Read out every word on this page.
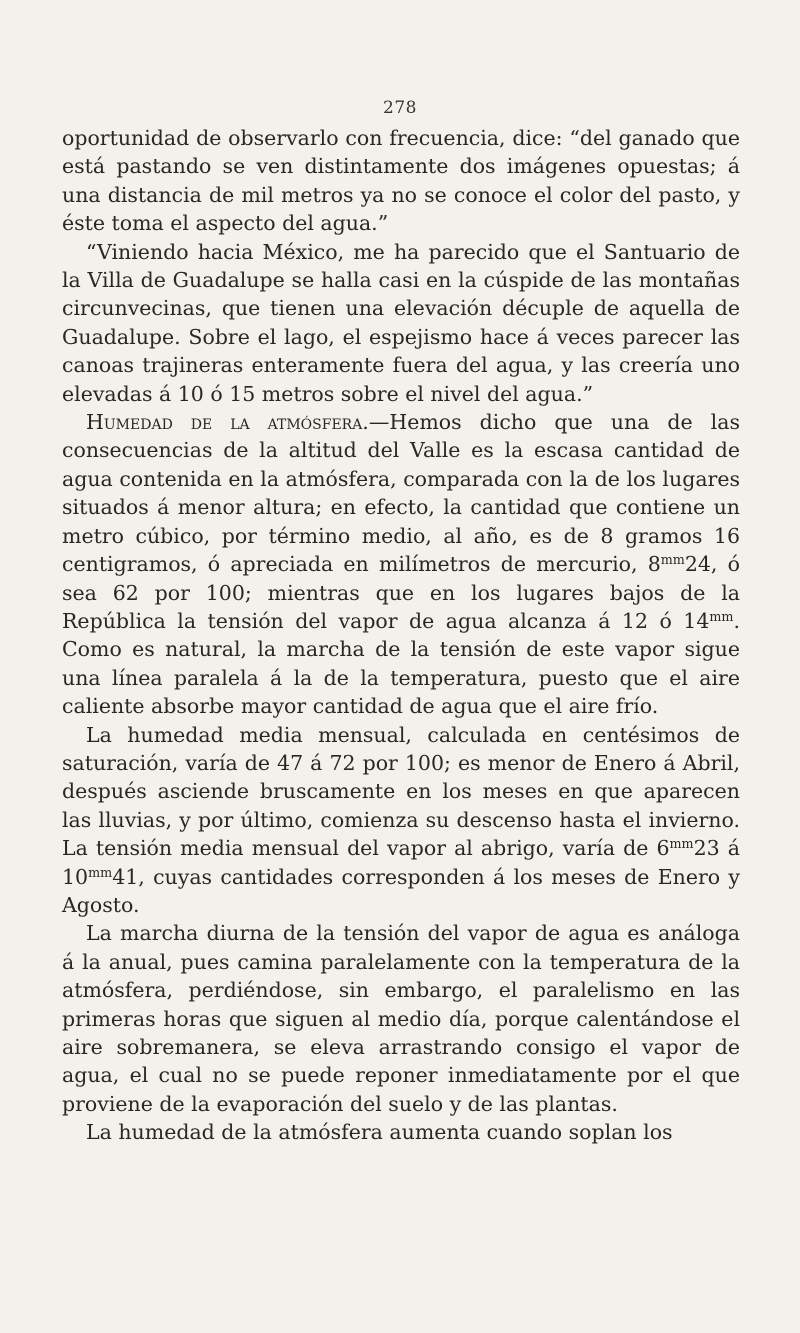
278

oportunidad de observarlo con frecuencia, dice: “del ganado que está pastando se ven distintamente dos imágenes opuestas; á una distancia de mil metros ya no se conoce el color del pasto, y éste toma el aspecto del agua.”

“Viniendo hacia México, me ha parecido que el Santuario de la Villa de Guadalupe se halla casi en la cúspide de las montañas circunvecinas, que tienen una elevación décuple de aquella de Guadalupe. Sobre el lago, el espejismo hace á veces parecer las canoas trajineras enteramente fuera del agua, y las creería uno elevadas á 10 ó 15 metros sobre el nivel del agua.”

Humedad de la atmósfera.—Hemos dicho que una de las consecuencias de la altitud del Valle es la escasa cantidad de agua contenida en la atmósfera, comparada con la de los lugares situados á menor altura; en efecto, la cantidad que contiene un metro cúbico, por término medio, al año, es de 8 gramos 16 centigramos, ó apreciada en milímetros de mercurio, $8^{mm}24$, ó sea 62 por 100; mientras que en los lugares bajos de la República la tensión del vapor de agua alcanza á 12 ó $14^{mm}$. Como es natural, la marcha de la tensión de este vapor sigue una línea paralela á la de la temperatura, puesto que el aire caliente absorbe mayor cantidad de agua que el aire frío.

La humedad media mensual, calculada en centésimos de saturación, varía de 47 á 72 por 100; es menor de Enero á Abril, después asciende bruscamente en los meses en que aparecen las lluvias, y por último, comienza su descenso hasta el invierno. La tensión media mensual del vapor al abrigo, varía de $6^{mm}23$ á $10^{mm}41$, cuyas cantidades corresponden á los meses de Enero y Agosto.

La marcha diurna de la tensión del vapor de agua es análoga á la anual, pues camina paralelamente con la temperatura de la atmósfera, perdiéndose, sin embargo, el paralelismo en las primeras horas que siguen al medio día, porque calentándose el aire sobremanera, se eleva arrastrando consigo el vapor de agua, el cual no se puede reponer inmediatamente por el que proviene de la evaporación del suelo y de las plantas.

La humedad de la atmósfera aumenta cuando soplan los
